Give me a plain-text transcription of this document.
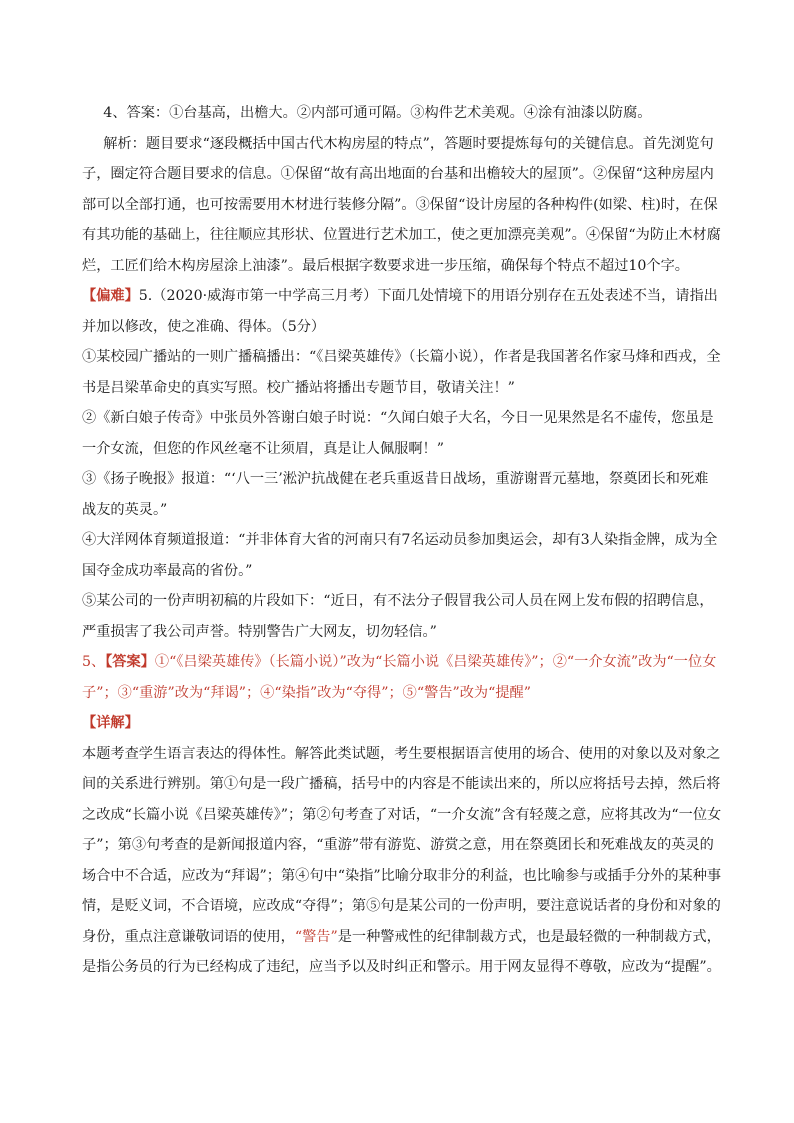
4、答案：①台基高，出檐大。②内部可通可隔。③构件艺术美观。④涂有油漆以防腐。

解析：题目要求“逐段概括中国古代木构房屋的特点”，答题时要提炼每句的关键信息。首先浏览句子，圈定符合题目要求的信息。①保留“故有高出地面的台基和出檐较大的屋顶”。②保留“这种房屋内部可以全部打通，也可按需要用木材进行装修分隔”。③保留“设计房屋的各种构件(如梁、柱)时，在保有其功能的基础上，往往顺应其形状、位置进行艺术加工，使之更加漂亮美观”。④保留“为防止木材腐烂，工匠们给木构房屋涂上油漆”。最后根据字数要求进一步压缩，确保每个特点不超过10个字。

【偏难】5.（2020·威海市第一中学高三月考）下面几处情境下的用语分别存在五处表述不当，请指出并加以修改，使之准确、得体。（5分）

①某校园广播站的一则广播稿播出：“《吕梁英雄传》（长篇小说），作者是我国著名作家马烽和西戎，全书是吕梁革命史的真实写照。校广播站将播出专题节目，敬请关注！”

②《新白娘子传奇》中张员外答谢白娘子时说：“久闻白娘子大名，今日一见果然是名不虚传，您虽是一介女流，但您的作风丝毫不让须眉，真是让人佩服啊！”

③《扬子晚报》报道：“‘八一三’淞沪抗战健在老兵重返昔日战场，重游谢晋元墓地，祭奠团长和死难战友的英灵。”

④大洋网体育频道报道：“并非体育大省的河南只有7名运动员参加奥运会，却有3人染指金牌，成为全国夺金成功率最高的省份。”

⑤某公司的一份声明初稿的片段如下：“近日，有不法分子假冒我公司人员在网上发布假的招聘信息，严重损害了我公司声誉。特别警告广大网友，切勿轻信。”

5、【答案】①“《吕梁英雄传》（长篇小说）”改为“长篇小说《吕梁英雄传》”；②“一介女流”改为“一位女子”；③“重游”改为“拜谒”；④“染指”改为“夺得”；⑤“警告”改为“提醒”

【详解】

本题考查学生语言表达的得体性。解答此类试题，考生要根据语言使用的场合、使用的对象以及对象之间的关系进行辨别。第①句是一段广播稿，括号中的内容是不能读出来的，所以应将括号去掉，然后将之改成“长篇小说《吕梁英雄传》”；第②句考查了对话，“一介女流”含有轻蔑之意，应将其改为“一位女子”；第③句考查的是新闻报道内容，“重游”带有游览、游赏之意，用在祭奠团长和死难战友的英灵的场合中不合适，应改为“拜谒”；第④句中“染指”比喻分取非分的利益，也比喻参与或插手分外的某种事情，是贬义词，不合语境，应改成“夺得”；第⑤句是某公司的一份声明，要注意说话者的身份和对象的身份，重点注意谦敬词语的使用，“警告”是一种警戒性的纪律制裁方式，也是最轻微的一种制裁方式，是指公务员的行为已经构成了违纪，应当予以及时纠正和警示。用于网友显得不尊敬，应改为“提醒”。
